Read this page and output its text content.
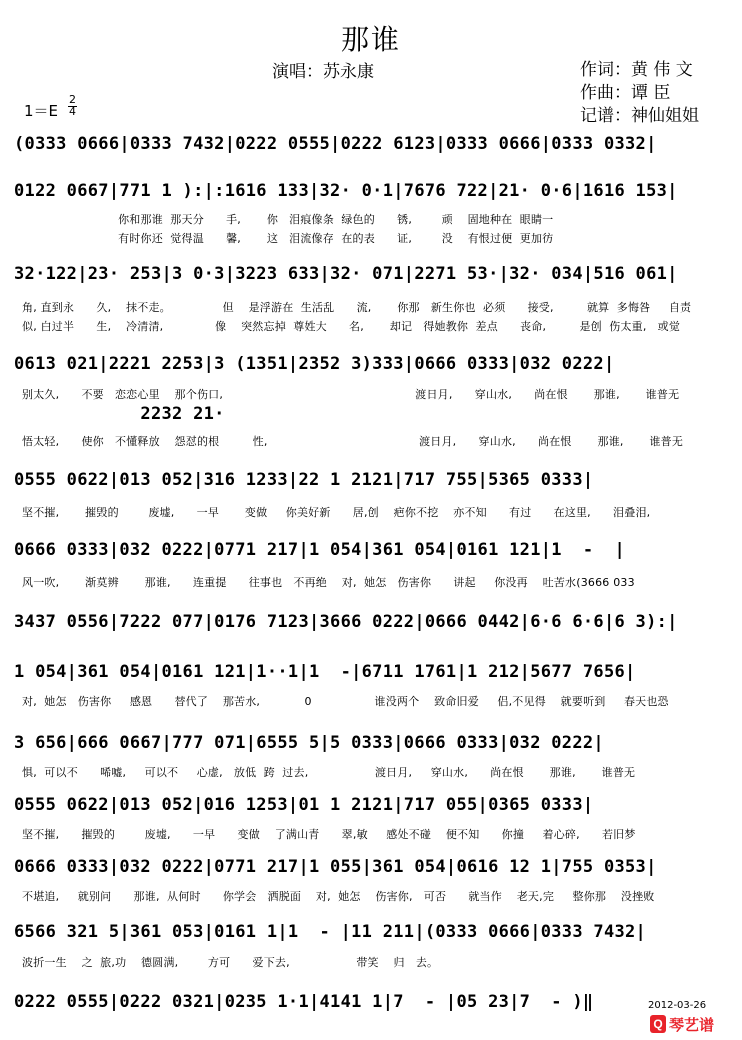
那谁
演唱：苏永康	作词：黄 伟 文
作曲：谭 臣
记谱：神仙姐姐
1＝E
2
4
(0333 0666|0333 7432|0222 0555|0222 6123|0333 0666|0333 0332|
0122 0667|771 1 ):|:1616 133|32· 0·1|7676 722|21· 0·6|1616 153|
你和那谁  那天分      手,       你   泪痕像条  绿色的      锈,        顽    固地种在  眼睛一
有时你还  觉得温      馨,       这   泪流像存  在的表      证,        没    有恨过便  更加彷
32·122|23· 253|3 0·3|3223 633|32· 071|2271 53·|32· 034|516 061|
角, 直到永      久,    抹不走。              但    是浮游在  生活乱      流,       你那   新生你也  必须      接受,         就算  多悔咎     自责
似, 白过半      生,    冷清清,              像    突然忘掉  尊姓大      名,       却记   得她教你  差点      丧命,         是创  伤太重,   或觉
0613 021|2221 2253|3 (1351|2352 3)333|0666 0333|032 0222|
别太久,      不要   恋恋心里    那个伤口,                                                    渡日月,      穿山水,      尚在恨       那谁,       谁普无
2232 21·
悟太轻,      使你   不懂释放    怨怼的根         性,                                         渡日月,      穿山水,      尚在恨       那谁,       谁普无
0555 0622|013 052|316 1233|22 1 2121|717 755|5365 0333|
坚不摧,       摧毁的        废墟,      一早       变做     你美好新      居,创    疤你不挖    亦不知      有过      在这里,      泪叠泪,
0666 0333|032 0222|0771 217|1 054|361 054|0161 121|1  -  |
风一吹,       渐莫辨       那谁,      连重提      往事也   不再绝    对,  她怎   伤害你      讲起     你没再    吐苦水(3666 033
3437 0556|7222 077|0176 7123|3666 0222|0666 0442|6·6 6·6|6 3):|
1 054|361 054|0161 121|1··1|1  -|6711 1761|1 212|5677 7656|
对,  她怎   伤害你     感恩      替代了    那苦水,            0                 谁没两个    致命旧爱     侣,不见得    就要听到     春天也恐
3 656|666 0667|777 071|6555 5|5 0333|0666 0333|032 0222|
惧,  可以不      唏嘘,     可以不     心虚,   放低  跨  过去,                  渡日月,     穿山水,      尚在恨       那谁,       谁普无
0555 0622|013 052|016 1253|01 1 2121|717 055|0365 0333|
坚不摧,      摧毁的        废墟,      一早      变做    了满山青      翠,敏     感处不碰    便不知      你撞     着心碎,      若旧梦
0666 0333|032 0222|0771 217|1 055|361 054|0616 12 1|755 0353|
不堪追,     就别问      那谁,  从何时      你学会   洒脱面    对,  她怎    伤害你,   可否      就当作    老天,完     整你那    没挫败
6566 321 5|361 053|0161 1|1  - |11 211|(0333 0666|0333 7432|
波折一生    之  旅,功    德圆满,        方可      爱下去,                  带笑    归   去。
0222 0555|0222 0321|0235 1·1|4141 1|7  - |05 23|7  - )‖	2012-03-26
Q 琴艺谱
